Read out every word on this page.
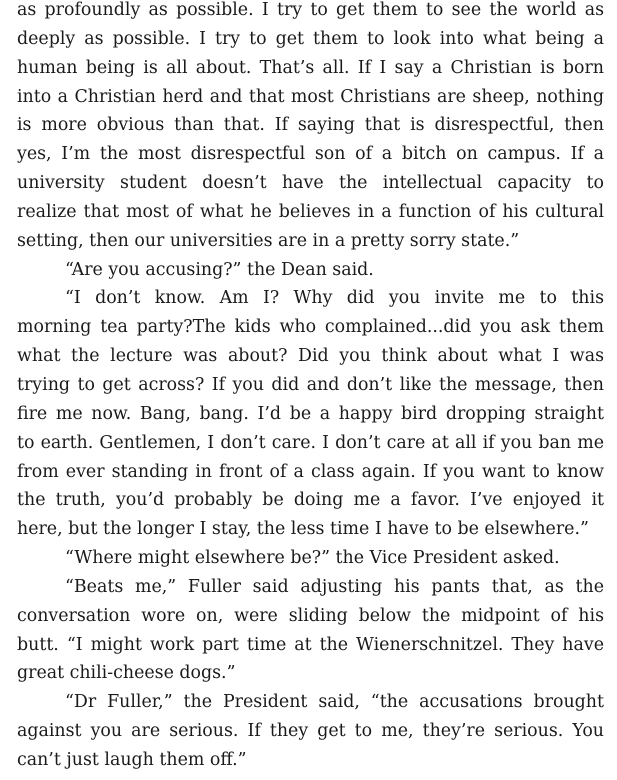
as profoundly as possible. I try to get them to see the world as
deeply as possible. I try to get them to look into what being a
human being is all about. That’s all. If I say a Christian is born
into a Christian herd and that most Christians are sheep, nothing
is more obvious than that. If saying that is disrespectful, then
yes, I’m the most disrespectful son of a bitch on campus. If a
university student doesn’t have the intellectual capacity to
realize that most of what he believes in a function of his cultural
setting, then our universities are in a pretty sorry state.”
“Are you accusing?” the Dean said.
“I don’t know. Am I? Why did you invite me to this
morning tea party?The kids who complained...did you ask them
what the lecture was about? Did you think about what I was
trying to get across? If you did and don’t like the message, then
fire me now. Bang, bang. I’d be a happy bird dropping straight
to earth. Gentlemen, I don’t care. I don’t care at all if you ban me
from ever standing in front of a class again. If you want to know
the truth, you’d probably be doing me a favor. I’ve enjoyed it
here, but the longer I stay, the less time I have to be elsewhere.”
“Where might elsewhere be?” the Vice President asked.
“Beats me,” Fuller said adjusting his pants that, as the
conversation wore on, were sliding below the midpoint of his
butt. “I might work part time at the Wienerschnitzel. They have
great chili-cheese dogs.”
“Dr Fuller,” the President said, “the accusations brought
against you are serious. If they get to me, they’re serious. You
can’t just laugh them off.”
